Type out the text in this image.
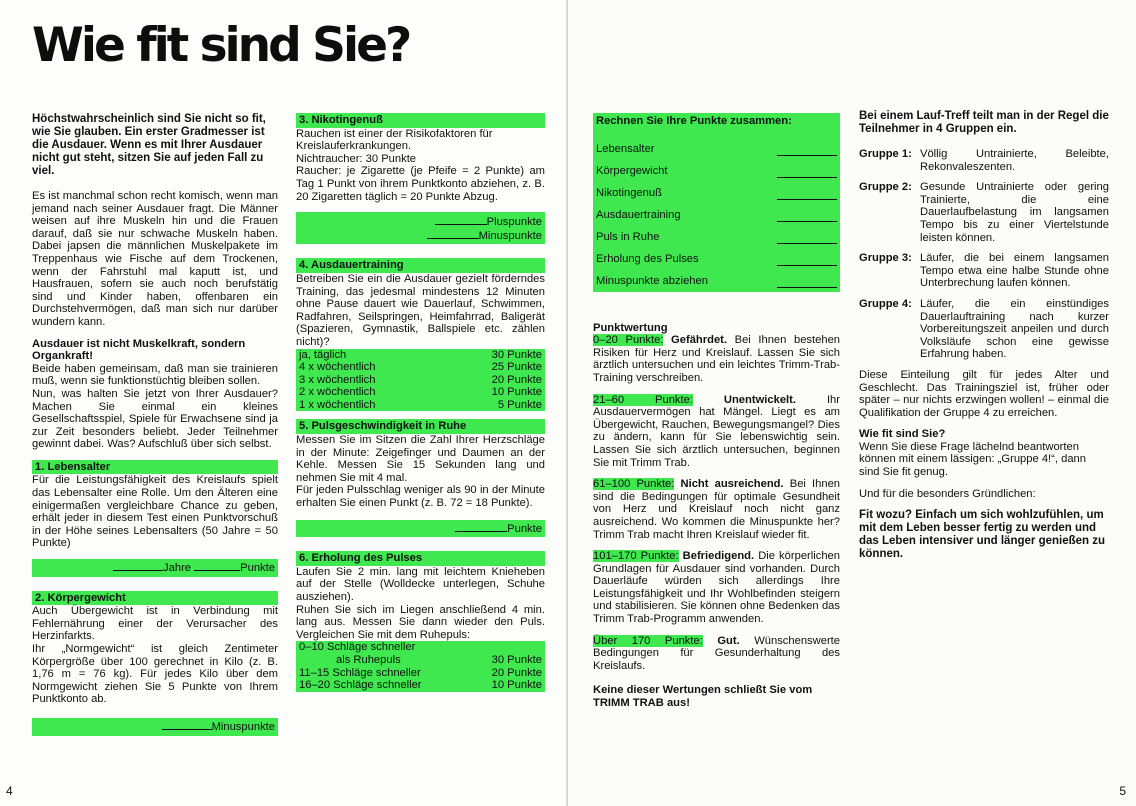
Wie fit sind Sie?

Höchstwahrscheinlich sind Sie nicht so fit, wie Sie glauben. Ein erster Gradmesser ist die Ausdauer. Wenn es mit Ihrer Ausdauer nicht gut steht, sitzen Sie auf jeden Fall zu viel.

Es ist manchmal schon recht komisch, wenn man jemand nach seiner Ausdauer fragt. Die Männer weisen auf ihre Muskeln hin und die Frauen darauf, daß sie nur schwache Muskeln haben. Dabei japsen die männlichen Muskelpakete im Treppenhaus wie Fische auf dem Trockenen, wenn der Fahrstuhl mal kaputt ist, und Hausfrauen, sofern sie auch noch berufstätig sind und Kinder haben, offenbaren ein Durchstehvermögen, daß man sich nur darüber wundern kann.

Ausdauer ist nicht Muskelkraft, sondern Organkraft!

Beide haben gemeinsam, daß man sie trainieren muß, wenn sie funktionstüchtig bleiben sollen.

Nun, was halten Sie jetzt von Ihrer Ausdauer? Machen Sie einmal ein kleines Gesellschaftsspiel, Spiele für Erwachsene sind ja zur Zeit besonders beliebt. Jeder Teilnehmer gewinnt dabei. Was? Aufschluß über sich selbst.

1. Lebensalter

Für die Leistungsfähigkeit des Kreislaufs spielt das Lebensalter eine Rolle. Um den Älteren eine einigermaßen vergleichbare Chance zu geben, erhält jeder in diesem Test einen Punktvorschuß in der Höhe seines Lebensalters (50 Jahre = 50 Punkte)

Jahre	Punkte
2. Körpergewicht

Auch Übergewicht ist in Verbindung mit Fehlernährung einer der Verursacher des Herzinfarkts.

Ihr „Normgewicht“ ist gleich Zentimeter Körpergröße über 100 gerechnet in Kilo (z. B. 1,76 m = 76 kg). Für jedes Kilo über dem Normgewicht ziehen Sie 5 Punkte von Ihrem Punktkonto ab.

Minuspunkte
3. Nikotingenuß

Rauchen ist einer der Risikofaktoren für Kreislauferkrankungen.

Nichtraucher: 30 Punkte

Raucher: je Zigarette (je Pfeife = 2 Punkte) am Tag 1 Punkt von ihrem Punktkonto abziehen, z. B. 20 Zigaretten täglich = 20 Punkte Abzug.

Pluspunkte
Minuspunkte
4. Ausdauertraining

Betreiben Sie ein die Ausdauer gezielt förderndes Training, das jedesmal mindestens 12 Minuten ohne Pause dauert wie Dauerlauf, Schwimmen, Radfahren, Seilspringen, Heimfahrrad, Baligerät (Spazieren, Gymnastik, Ballspiele etc. zählen nicht)?

ja, täglich	30 Punkte
4 x wöchentlich	25 Punkte
3 x wöchentlich	20 Punkte
2 x wöchentlich	10 Punkte
1 x wöchentlich	5 Punkte
5. Pulsgeschwindigkeit in Ruhe

Messen Sie im Sitzen die Zahl Ihrer Herzschläge in der Minute: Zeigefinger und Daumen an der Kehle. Messen Sie 15 Sekunden lang und nehmen Sie mit 4 mal.

Für jeden Pulsschlag weniger als 90 in der Minute erhalten Sie einen Punkt (z. B. 72 = 18 Punkte).

Punkte
6. Erholung des Pulses

Laufen Sie 2 min. lang mit leichtem Knieheben auf der Stelle (Wolldecke unterlegen, Schuhe ausziehen).

Ruhen Sie sich im Liegen anschließend 4 min. lang aus. Messen Sie dann wieder den Puls. Vergleichen Sie mit dem Ruhepuls:

0–10 Schläge schneller	
als Ruhepuls	30 Punkte
11–15 Schläge schneller	20 Punkte
16–20 Schläge schneller	10 Punkte
4
Rechnen Sie Ihre Punkte zusammen:
Lebensalter
Körpergewicht
Nikotingenuß
Ausdauertraining
Puls in Ruhe
Erholung des Pulses
Minuspunkte abziehen
Punktwertung

0–20 Punkte: Gefährdet. Bei Ihnen bestehen Risiken für Herz und Kreislauf. Lassen Sie sich ärztlich untersuchen und ein leichtes Trimm-Trab-Training verschreiben.

21–60 Punkte:	Unentwickelt.	Ihr Ausdauervermögen hat Mängel. Liegt es am Übergewicht, Rauchen, Bewegungsmangel? Dies zu ändern, kann für Sie lebenswichtig sein. Lassen Sie sich ärztlich untersuchen, beginnen Sie mit Trimm Trab.

61–100 Punkte: Nicht ausreichend. Bei Ihnen sind die Bedingungen für optimale Gesundheit von Herz und Kreislauf noch nicht ganz ausreichend. Wo kommen die Minuspunkte her? Trimm Trab macht Ihren Kreislauf wieder fit.

101–170 Punkte: Befriedigend. Die körperlichen Grundlagen für Ausdauer sind vorhanden. Durch Dauerläufe würden sich allerdings Ihre Leistungsfähigkeit und Ihr Wohlbefinden steigern und stabilisieren. Sie können ohne Bedenken das Trimm Trab-Programm anwenden.

Über 170 Punkte: Gut. Wünschenswerte Bedingungen für Gesunderhaltung des Kreislaufs.

Keine dieser Wertungen schließt Sie vom TRIMM TRAB aus!

Bei einem Lauf-Treff teilt man in der Regel die Teilnehmer in 4 Gruppen ein.

Gruppe 1: Völlig Untrainierte, Beleibte, Rekonvaleszenten.
Gruppe 2: Gesunde Untrainierte oder gering Trainierte, die eine Dauerlaufbelastung im langsamen Tempo bis zu einer Viertelstunde leisten können.
Gruppe 3: Läufer, die bei einem langsamen Tempo etwa eine halbe Stunde ohne Unterbrechung laufen können.
Gruppe 4: Läufer, die ein einstündiges Dauerlauftraining nach kurzer Vorbereitungszeit anpeilen und durch Volksläufe schon eine gewisse Erfahrung haben.

Diese Einteilung gilt für jedes Alter und Geschlecht. Das Trainingsziel ist, früher oder später – nur nichts erzwingen wollen! – einmal die Qualifikation der Gruppe 4 zu erreichen.

Wie fit sind Sie?

Wenn Sie diese Frage lächelnd beantworten können mit einem lässigen: „Gruppe 4!“, dann sind Sie fit genug.

Und für die besonders Gründlichen:

Fit wozu? Einfach um sich wohlzufühlen, um mit dem Leben besser fertig zu werden und das Leben intensiver und länger genießen zu können.

5
